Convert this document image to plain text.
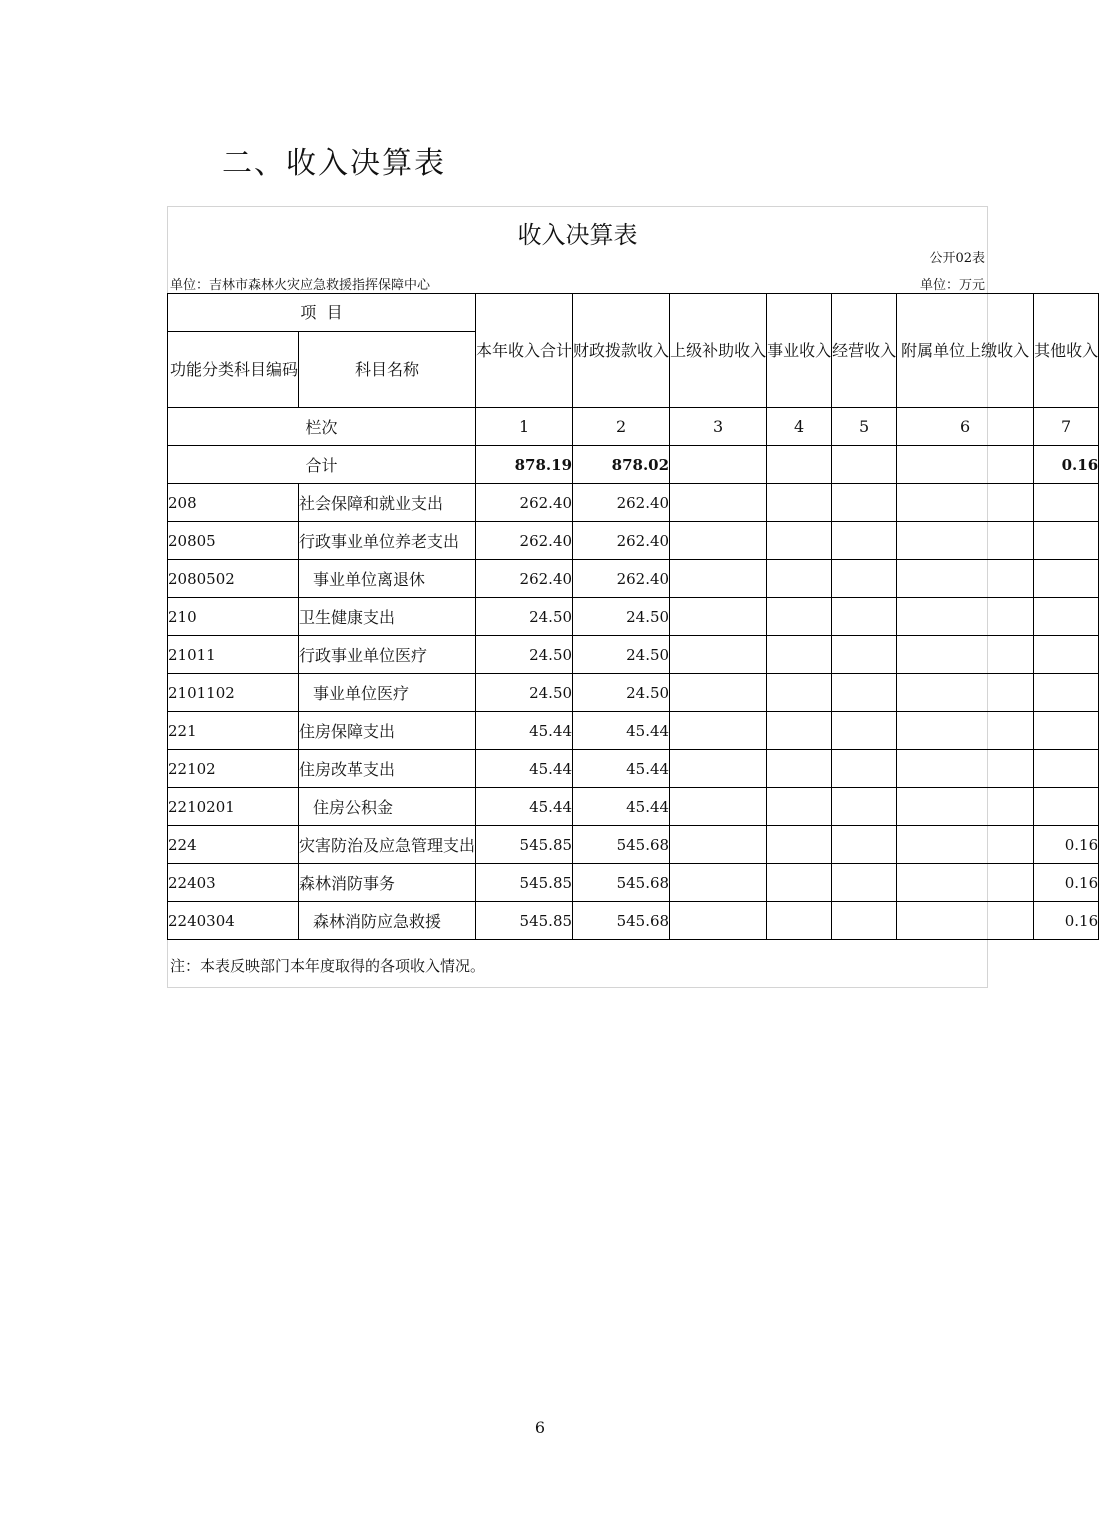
二、收入决算表
收入决算表
公开02表
单位：吉林市森林火灾应急救援指挥保障中心	单位：万元
项  目		本年收入合计	财政拨款收入	上级补助收入	事业收入	经营收入	附属单位上缴收入	其他收入
功能分类科目编码	科目名称							
栏次		1	2	3	4	5	6	7
合计		878.19	878.02					0.16
208	社会保障和就业支出	262.40	262.40					
20805	行政事业单位养老支出	262.40	262.40					
2080502	事业单位离退休	262.40	262.40					
210	卫生健康支出	24.50	24.50					
21011	行政事业单位医疗	24.50	24.50					
2101102	事业单位医疗	24.50	24.50					
221	住房保障支出	45.44	45.44					
22102	住房改革支出	45.44	45.44					
2210201	住房公积金	45.44	45.44					
224	灾害防治及应急管理支出	545.85	545.68					0.16
22403	森林消防事务	545.85	545.68					0.16
2240304	森林消防应急救援	545.85	545.68					0.16
注：本表反映部门本年度取得的各项收入情况。
6
